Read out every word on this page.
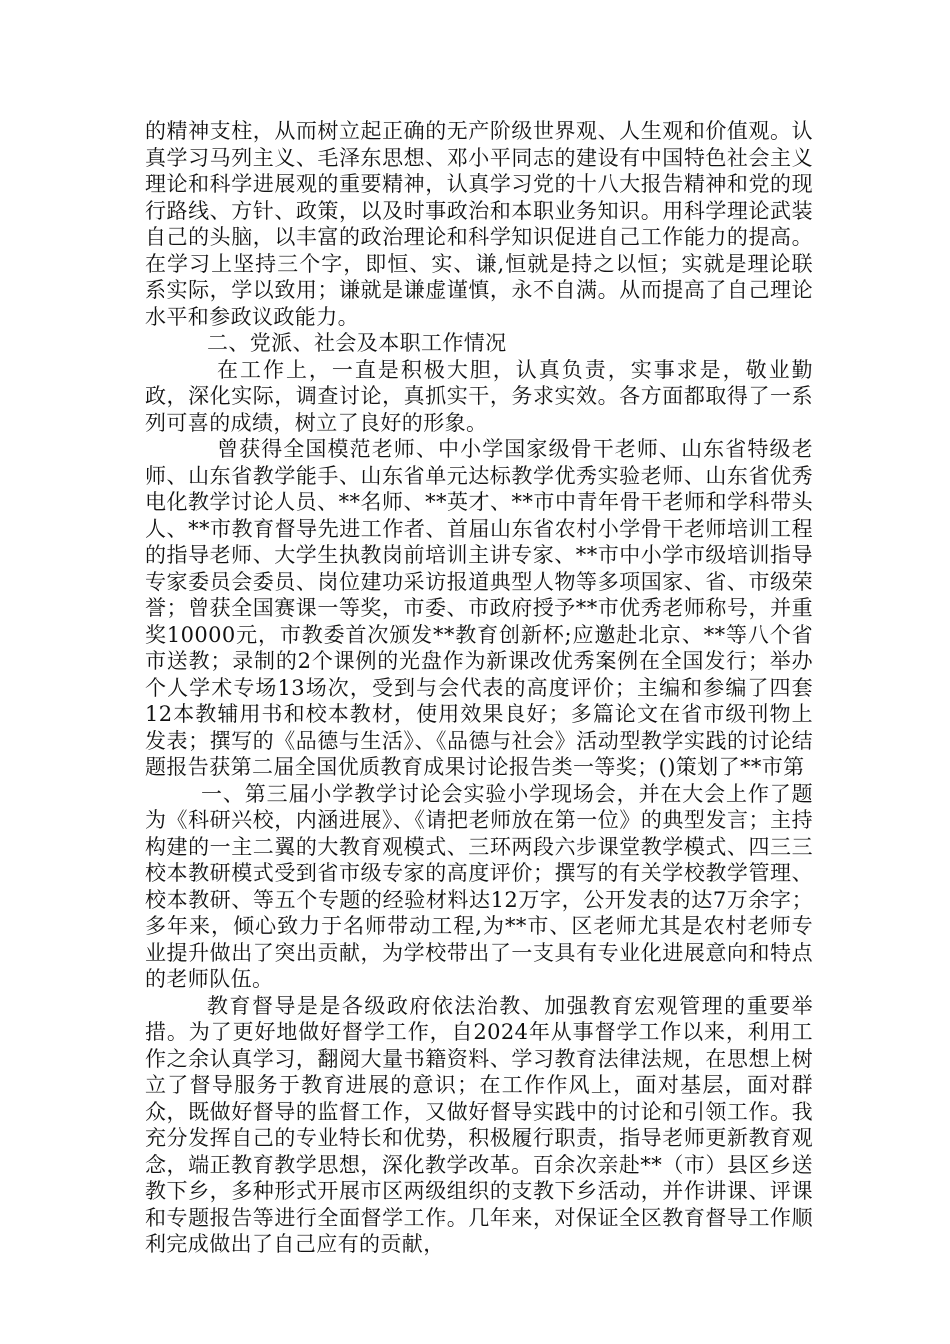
的精神支柱，从而树立起正确的无产阶级世界观、人生观和价值观。认真学习马列主义、毛泽东思想、邓小平同志的建设有中国特色社会主义理论和科学进展观的重要精神，认真学习党的十八大报告精神和党的现行路线、方针、政策，以及时事政治和本职业务知识。用科学理论武装自己的头脑，以丰富的政治理论和科学知识促进自己工作能力的提高。在学习上坚持三个字，即恒、实、谦,恒就是持之以恒；实就是理论联系实际，学以致用；谦就是谦虚谨慎，永不自满。从而提高了自己理论水平和参政议政能力。

二、党派、社会及本职工作情况

在工作上，一直是积极大胆，认真负责，实事求是，敬业勤政，深化实际，调查讨论，真抓实干，务求实效。各方面都取得了一系列可喜的成绩，树立了良好的形象。

曾获得全国模范老师、中小学国家级骨干老师、山东省特级老师、山东省教学能手、山东省单元达标教学优秀实验老师、山东省优秀电化教学讨论人员、**名师、**英才、**市中青年骨干老师和学科带头人、**市教育督导先进工作者、首届山东省农村小学骨干老师培训工程的指导老师、大学生执教岗前培训主讲专家、**市中小学市级培训指导专家委员会委员、岗位建功采访报道典型人物等多项国家、省、市级荣誉；曾获全国赛课一等奖，市委、市政府授予**市优秀老师称号，并重奖10000元，市教委首次颁发**教育创新杯;应邀赴北京、**等八个省市送教；录制的2个课例的光盘作为新课改优秀案例在全国发行；举办个人学术专场13场次，受到与会代表的高度评价；主编和参编了四套12本教辅用书和校本教材，使用效果良好；多篇论文在省市级刊物上发表；撰写的《品德与生活》、《品德与社会》活动型教学实践的讨论结题报告获第二届全国优质教育成果讨论报告类一等奖；()策划了**市第

一、第三届小学教学讨论会实验小学现场会，并在大会上作了题为《科研兴校，内涵进展》、《请把老师放在第一位》的典型发言；主持构建的一主二翼的大教育观模式、三环两段六步课堂教学模式、四三三校本教研模式受到省市级专家的高度评价；撰写的有关学校教学管理、校本教研、等五个专题的经验材料达12万字，公开发表的达7万余字；多年来，倾心致力于名师带动工程,为**市、区老师尤其是农村老师专业提升做出了突出贡献，为学校带出了一支具有专业化进展意向和特点的老师队伍。

教育督导是是各级政府依法治教、加强教育宏观管理的重要举措。为了更好地做好督学工作，自2024年从事督学工作以来，利用工作之余认真学习，翻阅大量书籍资料、学习教育法律法规，在思想上树立了督导服务于教育进展的意识；在工作作风上，面对基层，面对群众，既做好督导的监督工作，又做好督导实践中的讨论和引领工作。我充分发挥自己的专业特长和优势，积极履行职责，指导老师更新教育观念，端正教育教学思想，深化教学改革。百余次亲赴**（市）县区乡送教下乡，多种形式开展市区两级组织的支教下乡活动，并作讲课、评课和专题报告等进行全面督学工作。几年来，对保证全区教育督导工作顺利完成做出了自己应有的贡献，
